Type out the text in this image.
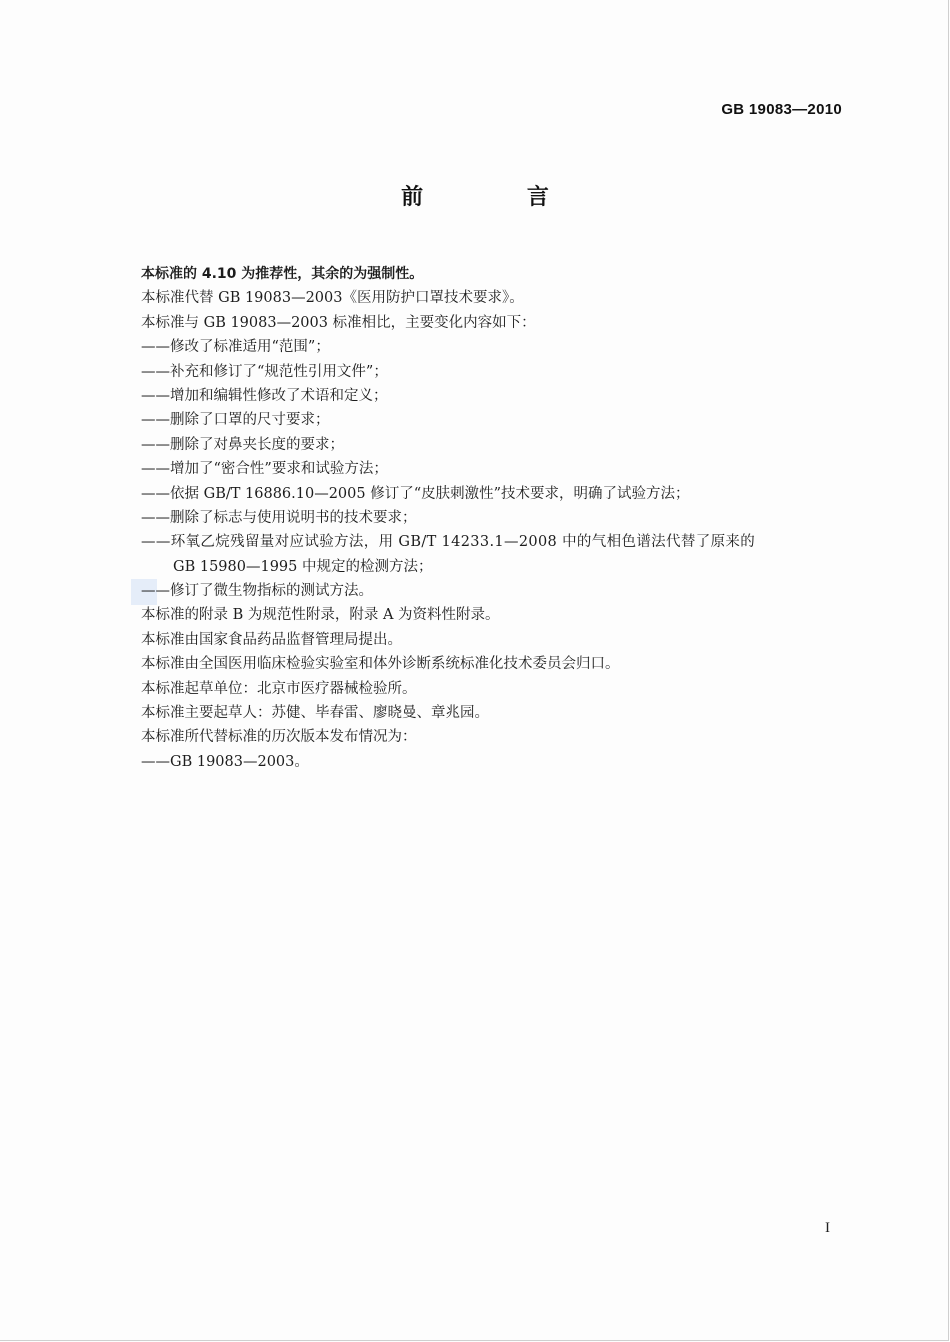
GB 19083—2010
前 言
本标准的 4.10 为推荐性，其余的为强制性。
本标准代替 GB 19083—2003《医用防护口罩技术要求》。
本标准与 GB 19083—2003 标准相比，主要变化内容如下：
——修改了标准适用“范围”；
——补充和修订了“规范性引用文件”；
——增加和编辑性修改了术语和定义；
——删除了口罩的尺寸要求；
——删除了对鼻夹长度的要求；
——增加了“密合性”要求和试验方法；
——依据 GB/T 16886.10—2005 修订了“皮肤刺激性”技术要求，明确了试验方法；
——删除了标志与使用说明书的技术要求；
——环氧乙烷残留量对应试验方法，用 GB/T 14233.1—2008 中的气相色谱法代替了原来的
GB 15980—1995 中规定的检测方法；
——修订了微生物指标的测试方法。
本标准的附录 B 为规范性附录，附录 A 为资料性附录。
本标准由国家食品药品监督管理局提出。
本标准由全国医用临床检验实验室和体外诊断系统标准化技术委员会归口。
本标准起草单位：北京市医疗器械检验所。
本标准主要起草人：苏健、毕春雷、廖晓曼、章兆园。
本标准所代替标准的历次版本发布情况为：
——GB 19083—2003。
I
